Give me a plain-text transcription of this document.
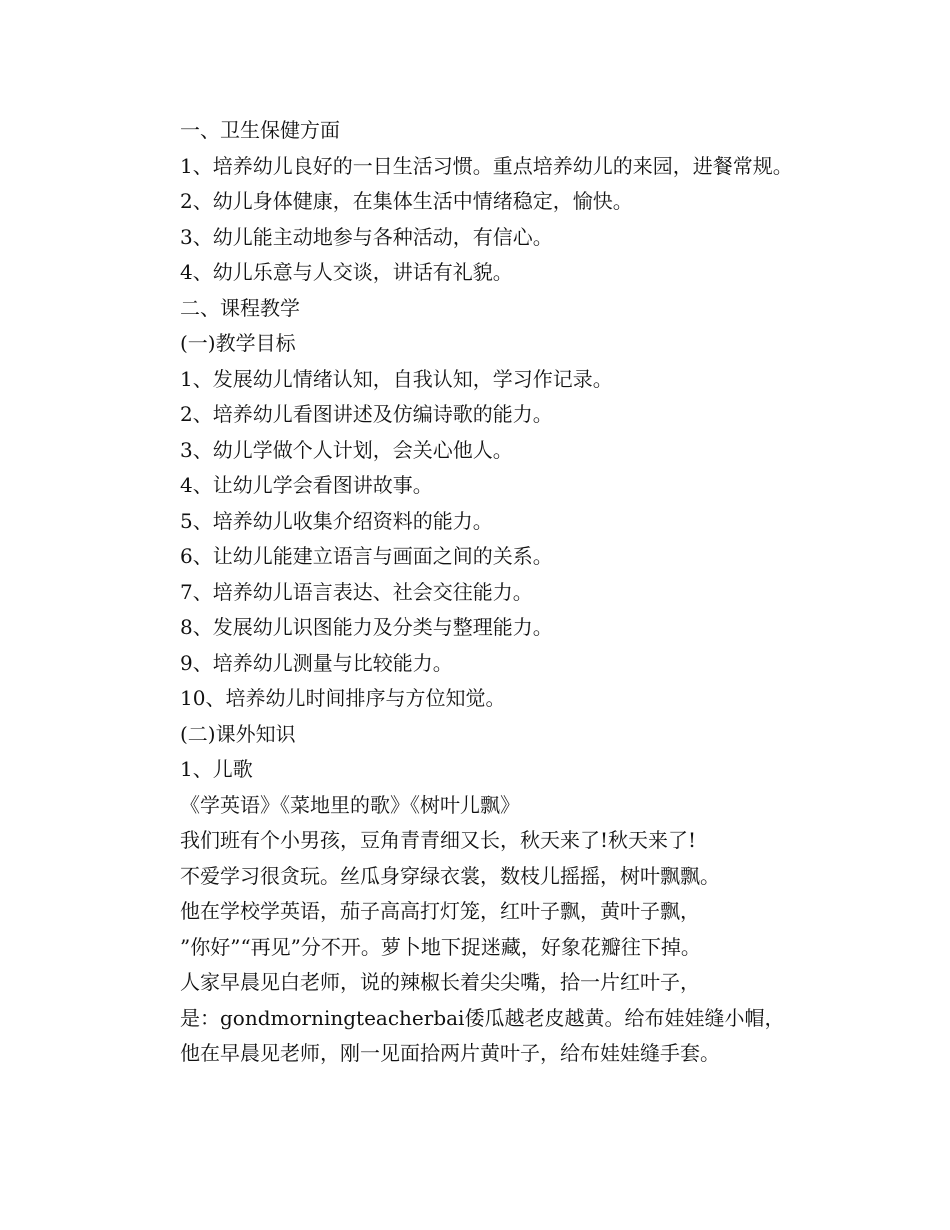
一、卫生保健方面

1、培养幼儿良好的一日生活习惯。重点培养幼儿的来园，进餐常规。

2、幼儿身体健康，在集体生活中情绪稳定，愉快。

3、幼儿能主动地参与各种活动，有信心。

4、幼儿乐意与人交谈，讲话有礼貌。

二、课程教学

(一)教学目标

1、发展幼儿情绪认知，自我认知，学习作记录。

2、培养幼儿看图讲述及仿编诗歌的能力。

3、幼儿学做个人计划，会关心他人。

4、让幼儿学会看图讲故事。

5、培养幼儿收集介绍资料的能力。

6、让幼儿能建立语言与画面之间的关系。

7、培养幼儿语言表达、社会交往能力。

8、发展幼儿识图能力及分类与整理能力。

9、培养幼儿测量与比较能力。

10、培养幼儿时间排序与方位知觉。

(二)课外知识

1、儿歌

《学英语》《菜地里的歌》《树叶儿飘》

我们班有个小男孩，豆角青青细又长，秋天来了!秋天来了!

不爱学习很贪玩。丝瓜身穿绿衣裳，数枝儿摇摇，树叶飘飘。

他在学校学英语，茄子高高打灯笼，红叶子飘，黄叶子飘，

”你好”“再见”分不开。萝卜地下捉迷藏，好象花瓣往下掉。

人家早晨见白老师，说的辣椒长着尖尖嘴，拾一片红叶子，

是：gondmorningteacherbai倭瓜越老皮越黄。给布娃娃缝小帽，

他在早晨见老师，刚一见面拾两片黄叶子，给布娃娃缝手套。
